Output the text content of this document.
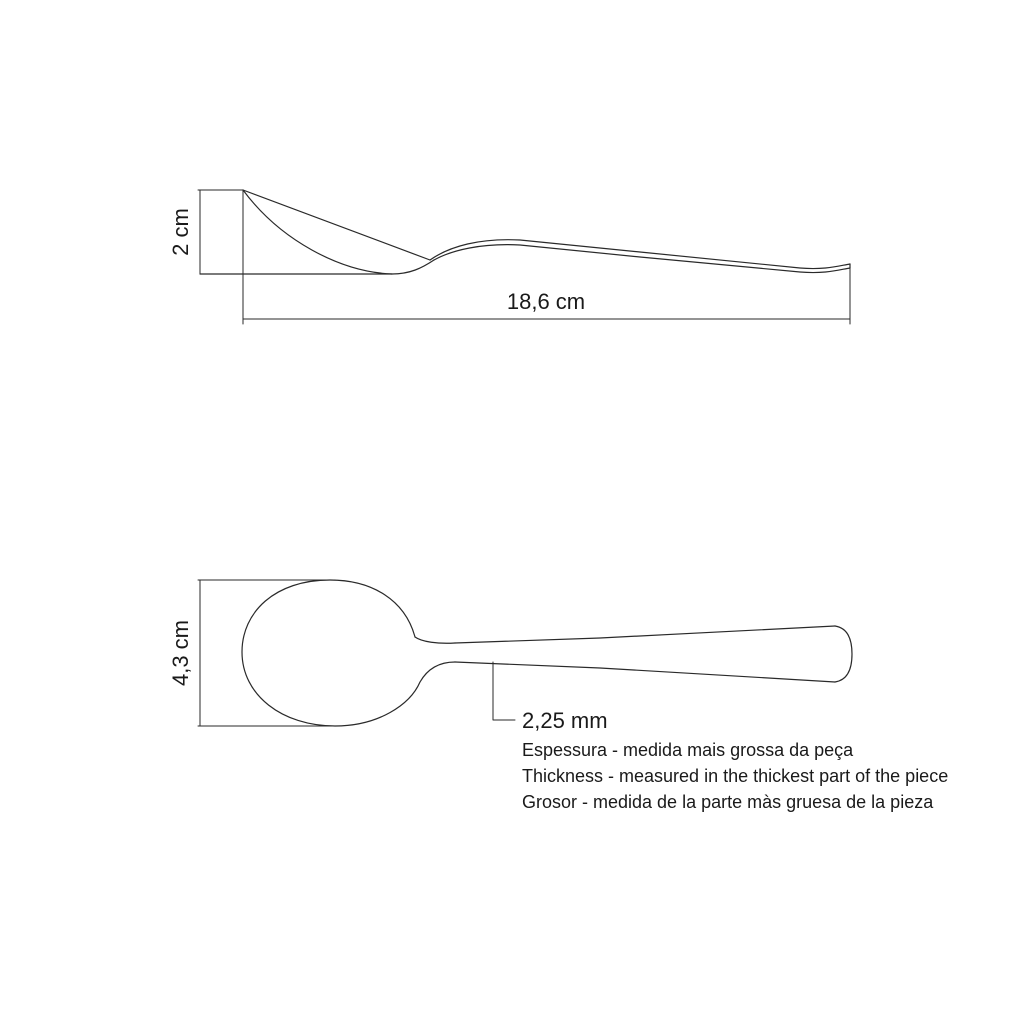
2 cm
18,6 cm
4,3 cm
2,25 mm
Espessura - medida mais grossa da peça
Thickness - measured in the thickest part of the piece
Grosor - medida de la parte màs gruesa de la pieza
